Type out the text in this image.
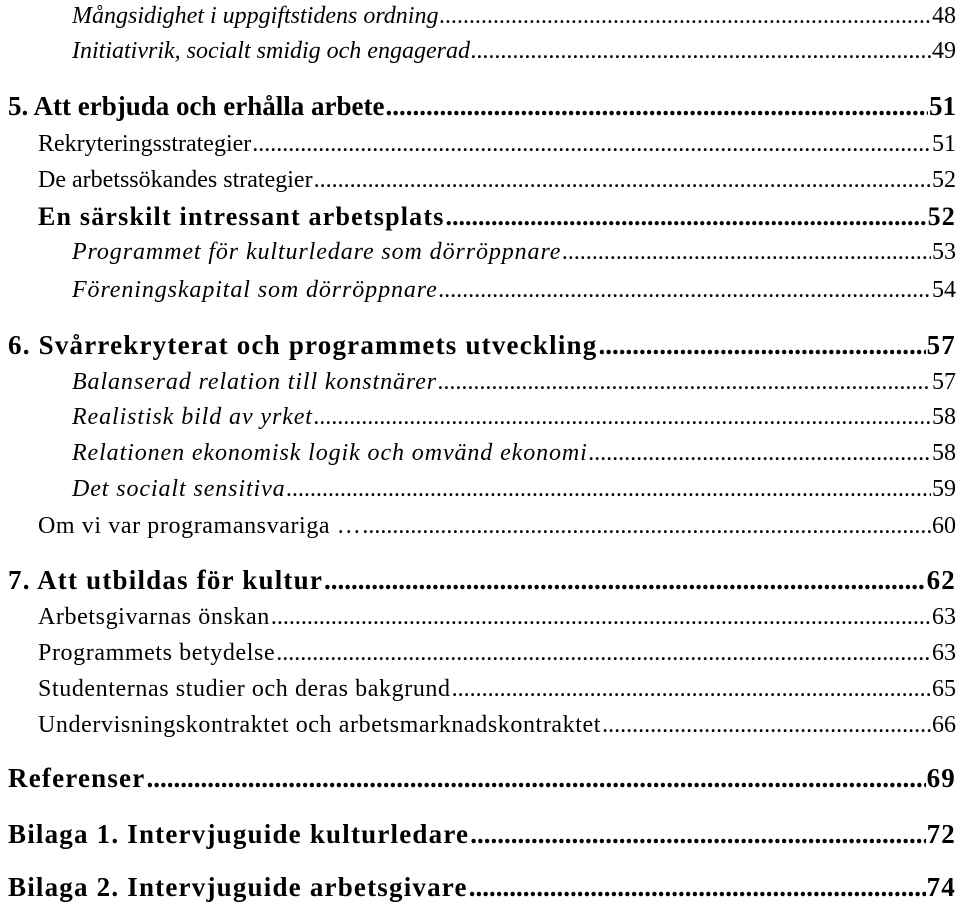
Mångsidighet i uppgiftstidens ordning .....	48
Initiativrik, socialt smidig och engagerad .....	49
5. Att erbjuda och erhålla arbete .....	51
Rekryteringsstrategier .....	51
De arbetssökandes strategier .....	52
En särskilt intressant arbetsplats .....	52
Programmet för kulturledare som dörröppnare .....	53
Föreningskapital som dörröppnare .....	54
6. Svårrekryterat och programmets utveckling .....	57
Balanserad relation till konstnärer .....	57
Realistisk bild av yrket .....	58
Relationen ekonomisk logik och omvänd ekonomi .....	58
Det socialt sensitiva .....	59
Om vi var programansvariga … .....	60
7. Att utbildas för kultur .....	62
Arbetsgivarnas önskan .....	63
Programmets betydelse .....	63
Studenternas studier och deras bakgrund .....	65
Undervisningskontraktet och arbetsmarknadskontraktet .....	66
Referenser .....	69
Bilaga 1. Intervjuguide kulturledare .....	72
Bilaga 2. Intervjuguide arbetsgivare .....	74
